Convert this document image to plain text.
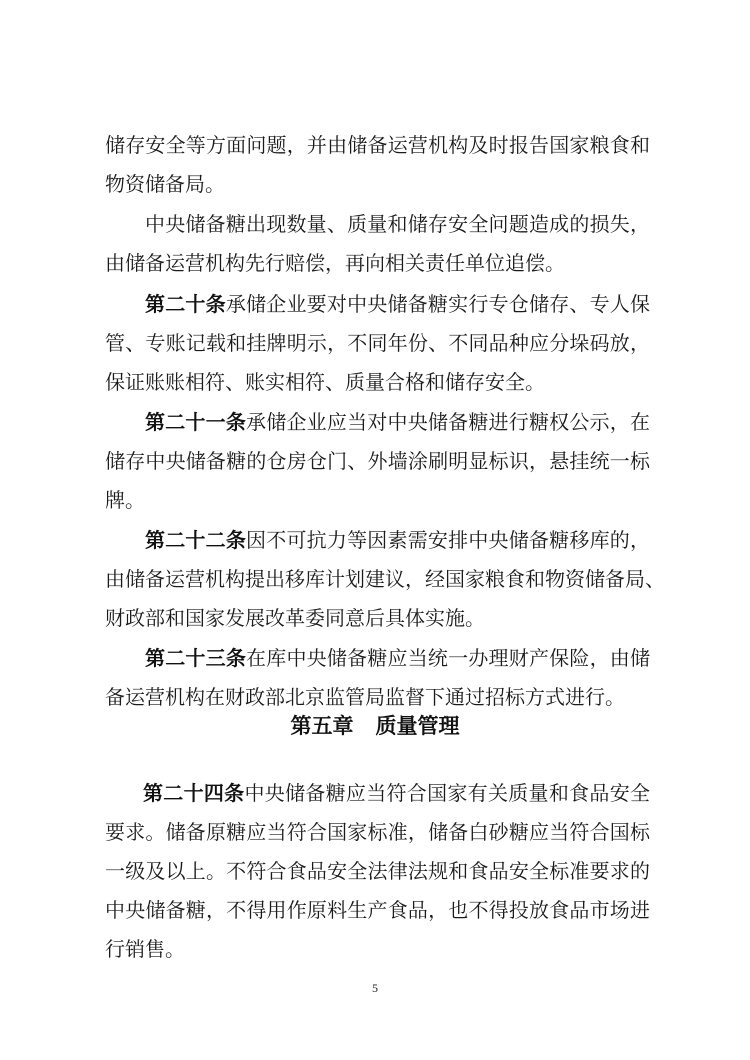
储存安全等方面问题，并由储备运营机构及时报告国家粮食和
物资储备局。
中央储备糖出现数量、质量和储存安全问题造成的损失，
由储备运营机构先行赔偿，再向相关责任单位追偿。
第二十条承储企业要对中央储备糖实行专仓储存、专人保
管、专账记载和挂牌明示，不同年份、不同品种应分垛码放，
保证账账相符、账实相符、质量合格和储存安全。
第二十一条承储企业应当对中央储备糖进行糖权公示，在
储存中央储备糖的仓房仓门、外墙涂刷明显标识，悬挂统一标
牌。
第二十二条因不可抗力等因素需安排中央储备糖移库的，
由储备运营机构提出移库计划建议，经国家粮食和物资储备局、
财政部和国家发展改革委同意后具体实施。
第二十三条在库中央储备糖应当统一办理财产保险，由储
备运营机构在财政部北京监管局监督下通过招标方式进行。
第五章   质量管理
第二十四条中央储备糖应当符合国家有关质量和食品安全
要求。储备原糖应当符合国家标准，储备白砂糖应当符合国标
一级及以上。不符合食品安全法律法规和食品安全标准要求的
中央储备糖，不得用作原料生产食品，也不得投放食品市场进
行销售。
5
